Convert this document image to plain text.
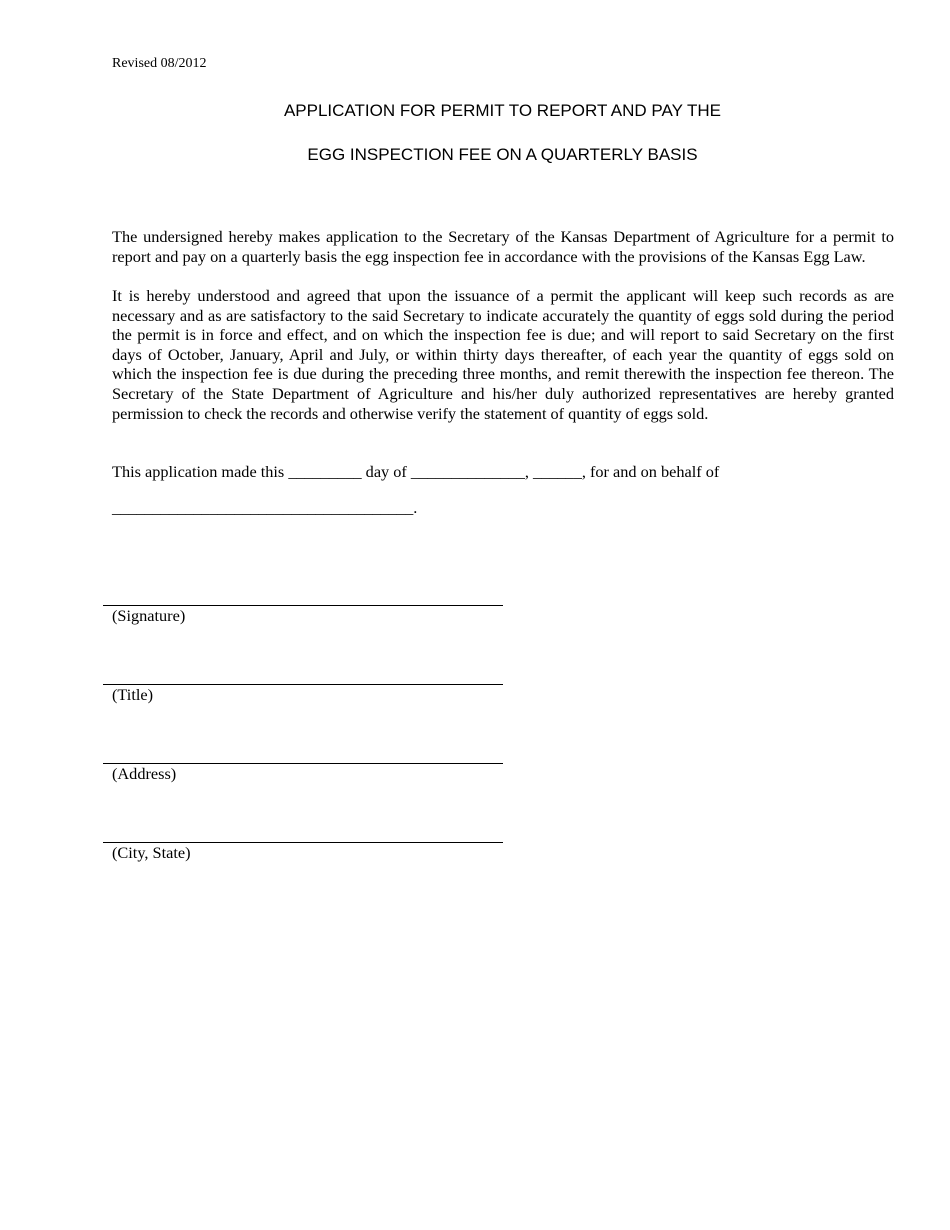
Revised 08/2012
APPLICATION FOR PERMIT TO REPORT AND PAY THE
EGG INSPECTION FEE ON A QUARTERLY BASIS
The undersigned hereby makes application to the Secretary of the Kansas Department of Agriculture for a permit to report and pay on a quarterly basis the egg inspection fee in accordance with the provisions of the Kansas Egg Law.
It is hereby understood and agreed that upon the issuance of a permit the applicant will keep such records as are necessary and as are satisfactory to the said Secretary to indicate accurately the quantity of eggs sold during the period the permit is in force and effect, and on which the inspection fee is due; and will report to said Secretary on the first days of October, January, April and July, or within thirty days thereafter, of each year the quantity of eggs sold on which the inspection fee is due during the preceding three months, and remit therewith the inspection fee thereon. The Secretary of the State Department of Agriculture and his/her duly authorized representatives are hereby granted permission to check the records and otherwise verify the statement of quantity of eggs sold.
This application made this _________ day of ______________, ______, for and on behalf of
_____________________________________.
(Signature)
(Title)
(Address)
(City, State)
